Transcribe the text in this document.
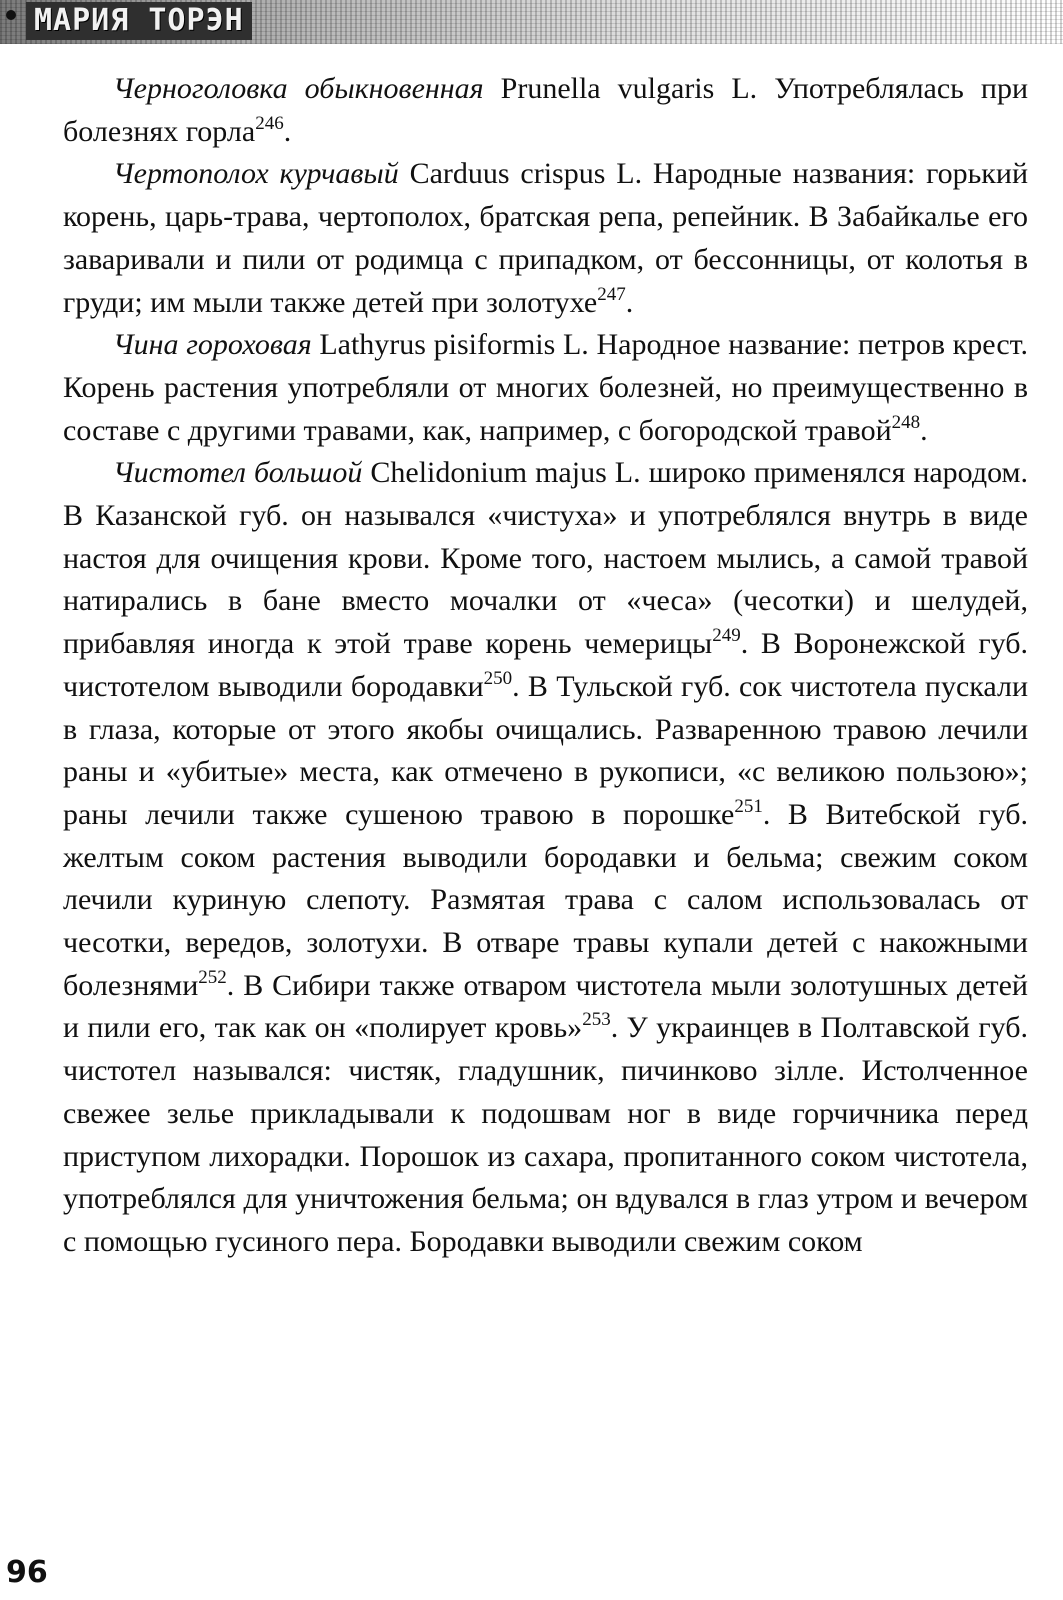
МАРИЯ ТОРЭН

Черноголовка обыкновенная Prunella vulgaris L. Употреблялась при болезнях горла$^{246}$.

Чертополох курчавый Carduus crispus L. Народные названия: горький корень, царь-трава, чертополох, братская репа, репейник. В Забайкалье его заваривали и пили от родимца с припадком, от бессонницы, от колотья в груди; им мыли также детей при золотухе$^{247}$.

Чина гороховая Lathyrus pisiformis L. Народное название: петров крест. Корень растения употребляли от многих болезней, но преимущественно в составе с другими травами, как, например, с богородской травой$^{248}$.

Чистотел большой Chelidonium majus L. широко применялся народом. В Казанской губ. он назывался «чистуха» и употреблялся внутрь в виде настоя для очищения крови. Кроме того, настоем мылись, а самой травой натирались в бане вместо мочалки от «чеса» (чесотки) и шелудей, прибавляя иногда к этой траве корень чемерицы$^{249}$. В Воронежской губ. чистотелом выводили бородавки$^{250}$. В Тульской губ. сок чистотела пускали в глаза, которые от этого якобы очищались. Разваренною травою лечили раны и «убитые» места, как отмечено в рукописи, «с великою пользою»; раны лечили также сушеною травою в порошке$^{251}$. В Витебской губ. желтым соком растения выводили бородавки и бельма; свежим соком лечили куриную слепоту. Размятая трава с салом использовалась от чесотки, вередов, золотухи. В отваре травы купали детей с накожными болезнями$^{252}$. В Сибири также отваром чистотела мыли золотушных детей и пили его, так как он «полирует кровь»$^{253}$. У украинцев в Полтавской губ. чистотел назывался: чистяк, гладушник, пичинково зілле. Истолченное свежее зелье прикладывали к подошвам ног в виде горчичника перед приступом лихорадки. Порошок из сахара, пропитанного соком чистотела, употреблялся для уничтожения бельма; он вдувался в глаз утром и вечером с помощью гусиного пера. Бородавки выводили свежим соком

96
